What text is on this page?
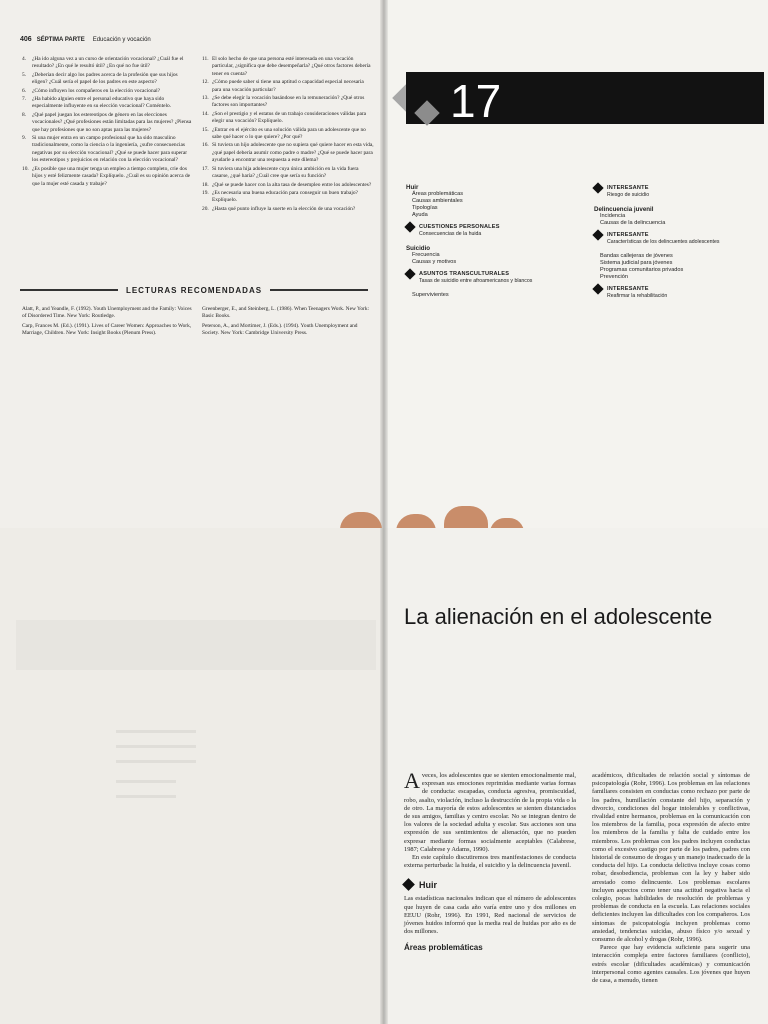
406 SÉPTIMA PARTE Educación y vocación
4.	¿Ha ido alguna vez a un curso de orientación vocacional? ¿Cuál fue el resultado? ¿En qué le resultó útil? ¿En qué no fue útil?
5.	¿Deberían decir algo los padres acerca de la profesión que sus hijos eligen? ¿Cuál sería el papel de los padres en este aspecto?
6.	¿Cómo influyen los compañeros en la elección vocacional?
7.	¿Ha habido alguien entre el personal educativo que haya sido especialmente influyente en su elección vocacional? Coméntelo.
8.	¿Qué papel juegan los estereotipos de género en las elecciones vocacionales? ¿Qué profesiones están limitadas para las mujeres? ¿Piensa que hay profesiones que no son aptas para las mujeres?
9.	Si una mujer entra en un campo profesional que ha sido masculino tradicionalmente, como la ciencia o la ingeniería, ¿sufre consecuencias negativas por su elección vocacional? ¿Qué se puede hacer para superar los estereotipos y prejuicios en relación con la elección vocacional?
10. ¿Es posible que una mujer tenga un empleo a tiempo completo, crie dos hijos y esté felizmente casada? Explíquelo. ¿Cuál es su opinión acerca de que la mujer esté casada y trabaje?
11. El solo hecho de que una persona esté interesada en una vocación particular, ¿significa que debe desempeñarla? ¿Qué otros factores debería tener en cuenta?
12. ¿Cómo puede saber si tiene una aptitud o capacidad especial necesaria para una vocación particular?
13. ¿Se debe elegir la vocación basándose en la remuneración? ¿Qué otros factores son importantes?
14. ¿Son el prestigio y el estatus de un trabajo consideraciones válidas para elegir una vocación? Explíquelo.
15. ¿Entrar en el ejército es una solución válida para un adolescente que no sabe qué hacer o lo que quiere? ¿Por qué?
16. Si tuviera un hijo adolescente que no supiera qué quiere hacer en esta vida, ¿qué papel debería asumir como padre o madre? ¿Qué se puede hacer para ayudarle a encontrar una respuesta a este dilema?
17. Si tuviera una hija adolescente cuya única ambición en la vida fuera casarse, ¿qué haría? ¿Cuál cree que sería su función?
18. ¿Qué se puede hacer con la alta tasa de desempleo entre los adolescentes?
19. ¿Es necesaria una buena educación para conseguir un buen trabajo? Explíquelo.
20. ¿Hasta qué punto influye la suerte en la elección de una vocación?
LECTURAS RECOMENDADAS
Alatt, P., and Yeandle, F. (1992). Youth Unemployment and the Family: Voices of Disordered Time. New York: Routledge.
Carp, Frances M. (Ed.). (1991). Lives of Career Women: Approaches to Work, Marriage, Children. New York: Insight Books (Plenum Press).
Greenberger, E., and Steinberg, L. (1986). When Teenagers Work. New York: Basic Books.
Peterson, A., and Mortimer, J. (Eds.). (1994). Youth Unemployment and Society. New York: Cambridge University Press.
17
Huir
Áreas problemáticas
Causas ambientales
Tipologías
Ayuda
CUESTIONES PERSONALES
Consecuencias de la huida
Suicidio
Frecuencia
Causas y motivos
ASUNTOS TRANSCULTURALES
Tasas de suicidio entre afroamericanos y blancos
Supervivientes
INTERESANTE
Riesgo de suicidio
Delincuencia juvenil
Incidencia
Causas de la delincuencia
INTERESANTE
Características de los delincuentes adolescentes
Bandas callejeras de jóvenes
Sistema judicial para jóvenes
Programas comunitarios privados
Prevención
INTERESANTE
Reafirmar la rehabilitación
La alienación en el adolescente
A veces, los adolescentes que se sienten emocionalmente mal, expresan sus emociones reprimidas mediante varias formas de conducta: escapadas, conducta agresiva, promiscuidad, robo, asalto, violación, incluso la destrucción de la propia vida o la de otro. La mayoría de estos adolescentes se sienten distanciados de sus amigos, familias y centro escolar. No se integran dentro de los valores de la sociedad adulta y escolar. Sus acciones son una expresión de sus sentimientos de alienación, que no pueden expresar mediante formas socialmente aceptables (Calabrese, 1987; Calabrese y Adams, 1990).
En este capítulo discutiremos tres manifestaciones de conducta externa perturbada: la huida, el suicidio y la delincuencia juvenil.
Huir
Las estadísticas nacionales indican que el número de adolescentes que huyen de casa cada año varía entre uno y dos millones en EEUU (Rohr, 1996). En 1991, Red nacional de servicios de jóvenes huidos informó que la media real de huidas por año es de dos millones.
Áreas problemáticas
académicos, dificultades de relación social y síntomas de psicopatología (Rohr, 1996). Los problemas en las relaciones familiares consisten en conductas como rechazo por parte de los padres, humillación constante del hijo, separación y divorcio, condiciones del hogar intolerables y conflictivas, rivalidad entre hermanos, problemas en la comunicación con los miembros de la familia, poca expresión de afecto entre los miembros de la familia y falta de cuidado entre los miembros. Los problemas con los padres incluyen conductas como el excesivo castigo por parte de los padres, padres con historial de consumo de drogas y un manejo inadecuado de la conducta del hijo. La conducta delictiva incluye cosas como robar, desobediencia, problemas con la ley y haber sido arrestado como delincuente. Los problemas escolares incluyen aspectos como tener una actitud negativa hacia el colegio, pocas habilidades de resolución de problemas y problemas de conducta en la escuela. Las relaciones sociales deficientes incluyen las dificultades con los compañeros. Los síntomas de psicopatología incluyen problemas como ansiedad, tendencias suicidas, abuso físico y/o sexual y consumo de alcohol y drogas (Rohr, 1996).
Parece que hay evidencia suficiente para sugerir una interacción compleja entre factores familiares (conflicto), estrés escolar (dificultades académicas) y comunicación interpersonal como agentes causales. Los jóvenes que huyen de casa, a menudo, tienen
